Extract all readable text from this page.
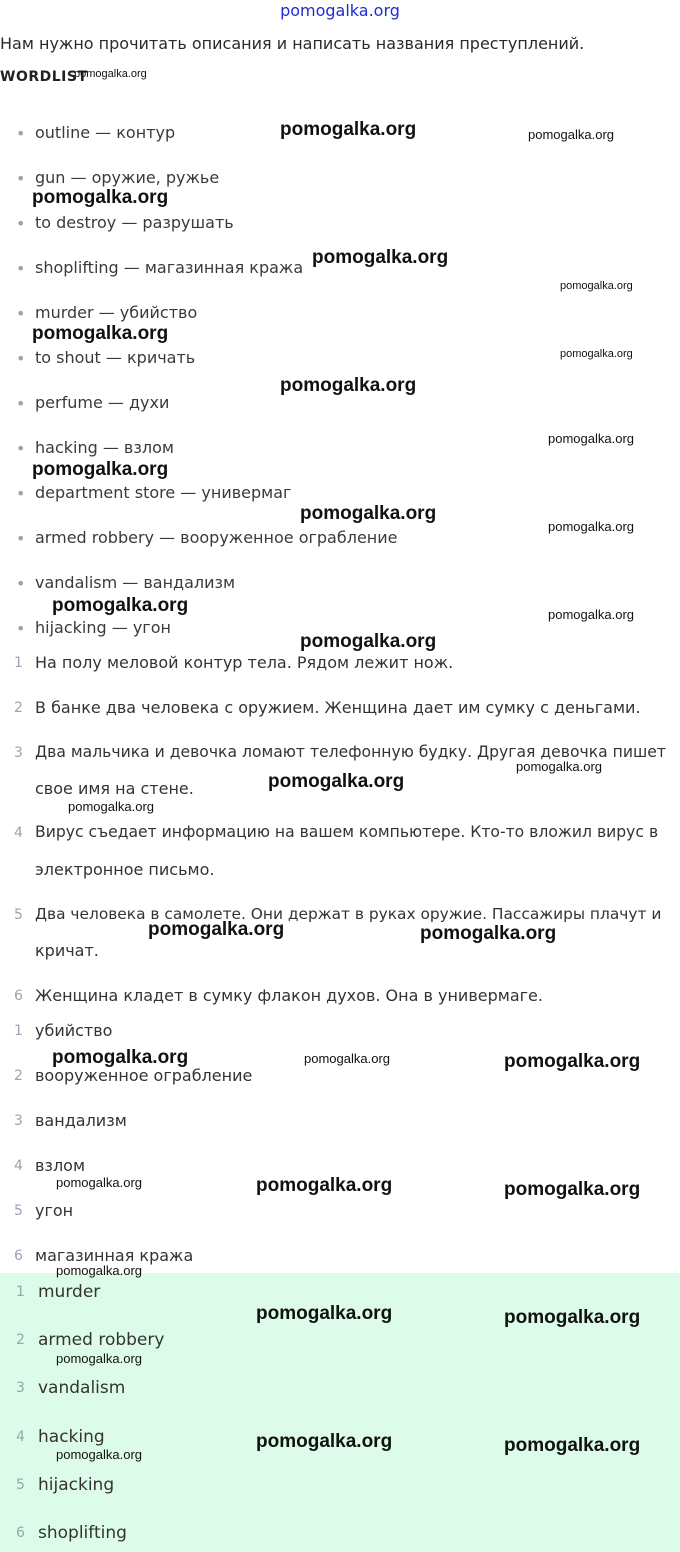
pomogalka.org
Нам нужно прочитать описания и написать названия преступлений.
WORDLIST
• outline — контур
• gun — оружие, ружье
• to destroy — разрушать
• shoplifting — магазинная кража
• murder — убийство
• to shout — кричать
• perfume — духи
• hacking — взлом
• department store — универмаг
• armed robbery — вооруженное ограбление
• vandalism — вандализм
• hijacking — угон
1 На полу меловой контур тела. Рядом лежит нож.
2 В банке два человека с оружием. Женщина дает им сумку с деньгами.
3 Два мальчика и девочка ломают телефонную будку. Другая девочка пишет
свое имя на стене.
4 Вирус съедает информацию на вашем компьютере. Кто-то вложил вирус в
электронное письмо.
5 Два человека в самолете. Они держат в руках оружие. Пассажиры плачут и
кричат.
6 Женщина кладет в сумку флакон духов. Она в универмаге.
1 убийство
2 вооруженное ограбление
3 вандализм
4 взлом
5 угон
6 магазинная кража
1 murder
2 armed robbery
3 vandalism
4 hacking
5 hijacking
6 shoplifting
pomogalka.org
pomogalka.org	pomogalka.org
pomogalka.org
pomogalka.org
pomogalka.org
pomogalka.org
pomogalka.org
pomogalka.org
pomogalka.org
pomogalka.org
pomogalka.org
pomogalka.org
pomogalka.org	pomogalka.org
pomogalka.org
pomogalka.org
pomogalka.org
pomogalka.org
pomogalka.org	pomogalka.org
pomogalka.org	pomogalka.org	pomogalka.org
pomogalka.org	pomogalka.org	pomogalka.org
pomogalka.org
pomogalka.org	pomogalka.org
pomogalka.org
pomogalka.org	pomogalka.org
pomogalka.org
